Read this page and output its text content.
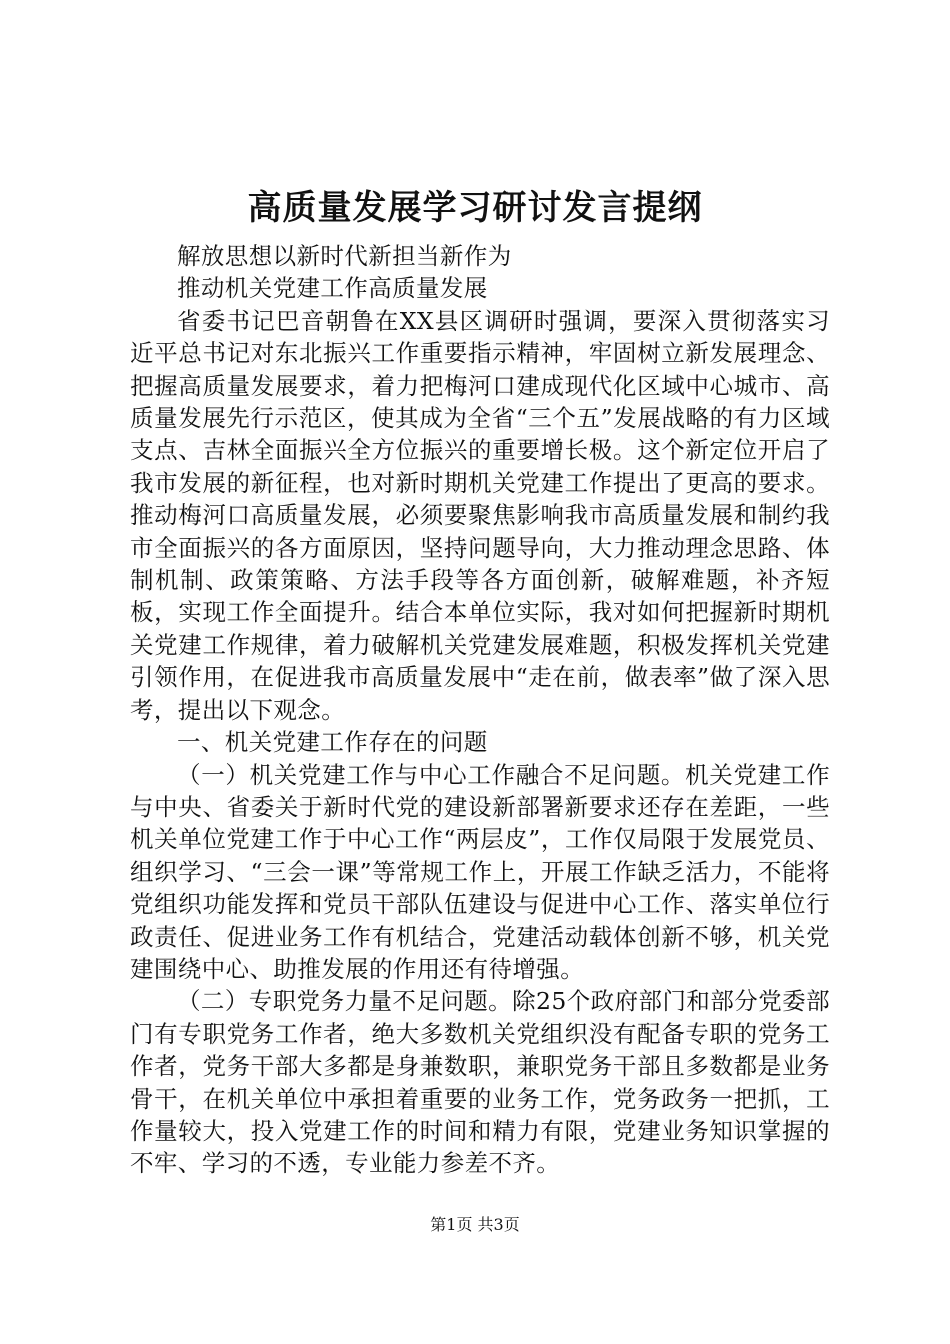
高质量发展学习研讨发言提纲

解放思想以新时代新担当新作为

推动机关党建工作高质量发展

省委书记巴音朝鲁在XX县区调研时强调，要深入贯彻落实习近平总书记对东北振兴工作重要指示精神，牢固树立新发展理念、把握高质量发展要求，着力把梅河口建成现代化区域中心城市、高质量发展先行示范区，使其成为全省“三个五”发展战略的有力区域支点、吉林全面振兴全方位振兴的重要增长极。这个新定位开启了我市发展的新征程，也对新时期机关党建工作提出了更高的要求。推动梅河口高质量发展，必须要聚焦影响我市高质量发展和制约我市全面振兴的各方面原因，坚持问题导向，大力推动理念思路、体制机制、政策策略、方法手段等各方面创新，破解难题，补齐短板，实现工作全面提升。结合本单位实际，我对如何把握新时期机关党建工作规律，着力破解机关党建发展难题，积极发挥机关党建引领作用，在促进我市高质量发展中“走在前，做表率”做了深入思考，提出以下观念。

一、机关党建工作存在的问题

（一）机关党建工作与中心工作融合不足问题。机关党建工作与中央、省委关于新时代党的建设新部署新要求还存在差距，一些机关单位党建工作于中心工作“两层皮”，工作仅局限于发展党员、组织学习、“三会一课”等常规工作上，开展工作缺乏活力，不能将党组织功能发挥和党员干部队伍建设与促进中心工作、落实单位行政责任、促进业务工作有机结合，党建活动载体创新不够，机关党建围绕中心、助推发展的作用还有待增强。

（二）专职党务力量不足问题。除25个政府部门和部分党委部门有专职党务工作者，绝大多数机关党组织没有配备专职的党务工作者，党务干部大多都是身兼数职，兼职党务干部且多数都是业务骨干，在机关单位中承担着重要的业务工作，党务政务一把抓，工作量较大，投入党建工作的时间和精力有限，党建业务知识掌握的不牢、学习的不透，专业能力参差不齐。

第1页 共3页
